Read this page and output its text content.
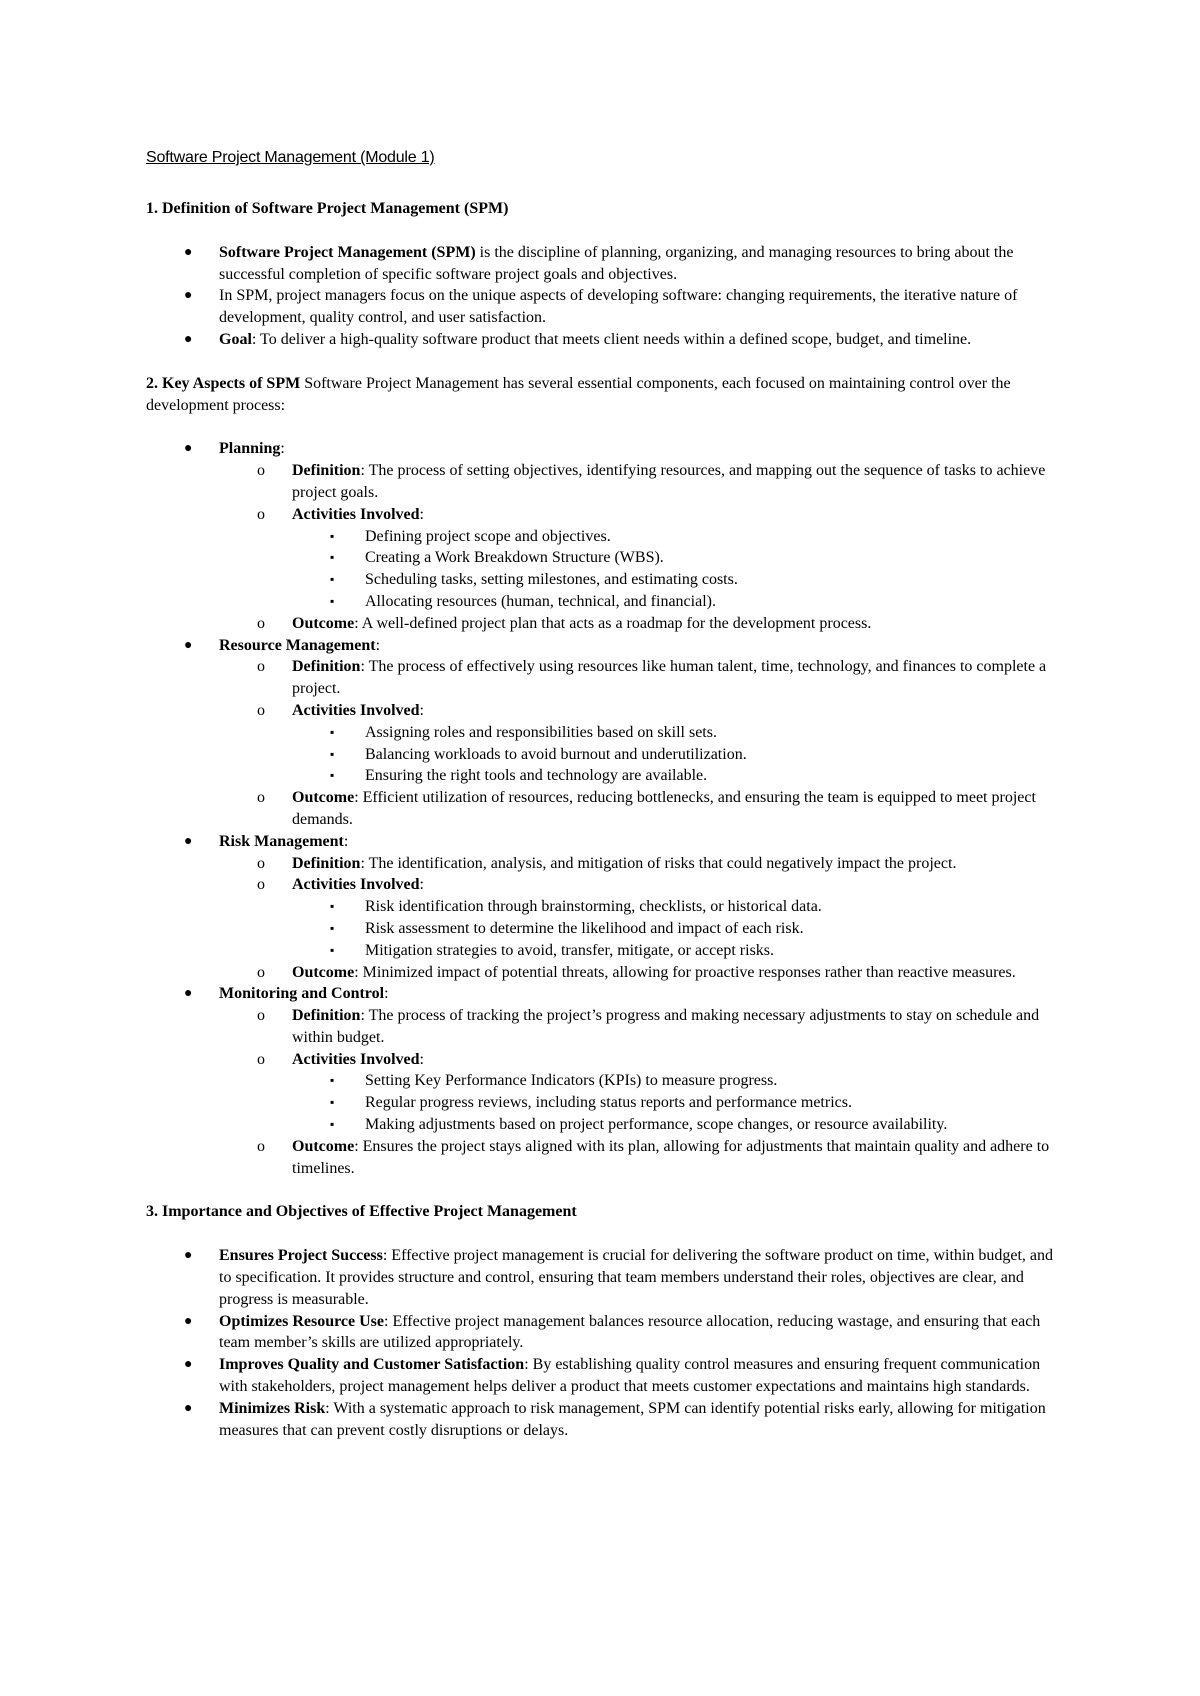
Software Project Management (Module 1)

1. Definition of Software Project Management (SPM)

● Software Project Management (SPM) is the discipline of planning, organizing, and managing resources to bring about the successful completion of specific software project goals and objectives.
● In SPM, project managers focus on the unique aspects of developing software: changing requirements, the iterative nature of development, quality control, and user satisfaction.
● Goal: To deliver a high-quality software product that meets client needs within a defined scope, budget, and timeline.

2. Key Aspects of SPM Software Project Management has several essential components, each focused on maintaining control over the development process:

● Planning:
o Definition: The process of setting objectives, identifying resources, and mapping out the sequence of tasks to achieve project goals.
o Activities Involved:
▪ Defining project scope and objectives.
▪ Creating a Work Breakdown Structure (WBS).
▪ Scheduling tasks, setting milestones, and estimating costs.
▪ Allocating resources (human, technical, and financial).
o Outcome: A well-defined project plan that acts as a roadmap for the development process.
● Resource Management:
o Definition: The process of effectively using resources like human talent, time, technology, and finances to complete a project.
o Activities Involved:
▪ Assigning roles and responsibilities based on skill sets.
▪ Balancing workloads to avoid burnout and underutilization.
▪ Ensuring the right tools and technology are available.
o Outcome: Efficient utilization of resources, reducing bottlenecks, and ensuring the team is equipped to meet project demands.
● Risk Management:
o Definition: The identification, analysis, and mitigation of risks that could negatively impact the project.
o Activities Involved:
▪ Risk identification through brainstorming, checklists, or historical data.
▪ Risk assessment to determine the likelihood and impact of each risk.
▪ Mitigation strategies to avoid, transfer, mitigate, or accept risks.
o Outcome: Minimized impact of potential threats, allowing for proactive responses rather than reactive measures.
● Monitoring and Control:
o Definition: The process of tracking the project’s progress and making necessary adjustments to stay on schedule and within budget.
o Activities Involved:
▪ Setting Key Performance Indicators (KPIs) to measure progress.
▪ Regular progress reviews, including status reports and performance metrics.
▪ Making adjustments based on project performance, scope changes, or resource availability.
o Outcome: Ensures the project stays aligned with its plan, allowing for adjustments that maintain quality and adhere to timelines.

3. Importance and Objectives of Effective Project Management

● Ensures Project Success: Effective project management is crucial for delivering the software product on time, within budget, and to specification. It provides structure and control, ensuring that team members understand their roles, objectives are clear, and progress is measurable.
● Optimizes Resource Use: Effective project management balances resource allocation, reducing wastage, and ensuring that each team member’s skills are utilized appropriately.
● Improves Quality and Customer Satisfaction: By establishing quality control measures and ensuring frequent communication with stakeholders, project management helps deliver a product that meets customer expectations and maintains high standards.
● Minimizes Risk: With a systematic approach to risk management, SPM can identify potential risks early, allowing for mitigation measures that can prevent costly disruptions or delays.
